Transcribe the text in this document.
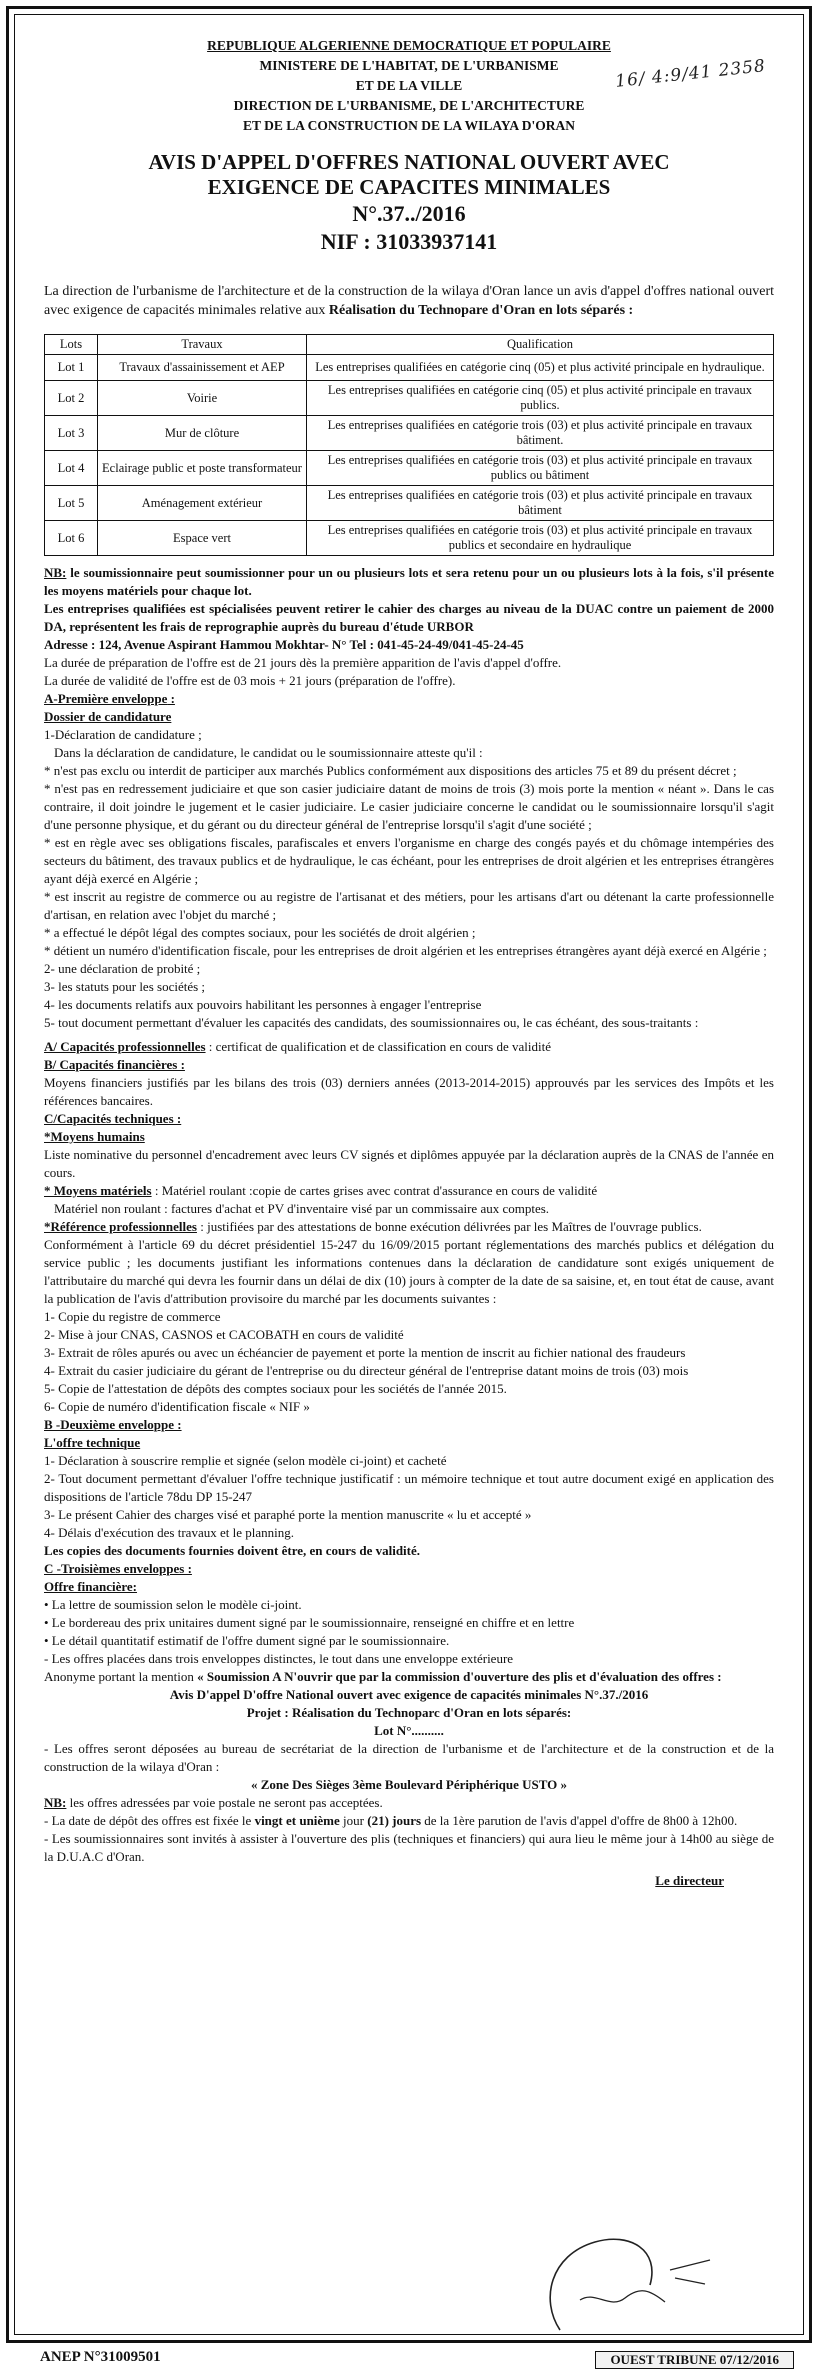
16/ 4:9/41 2358
REPUBLIQUE ALGERIENNE DEMOCRATIQUE ET POPULAIRE
MINISTERE DE L'HABITAT, DE L'URBANISME
ET DE LA VILLE
DIRECTION DE L'URBANISME, DE L'ARCHITECTURE
ET DE LA CONSTRUCTION DE LA WILAYA D'ORAN
AVIS D'APPEL D'OFFRES NATIONAL OUVERT AVEC
EXIGENCE DE CAPACITES MINIMALES
N°.37../2016
NIF : 31033937141

La direction de l'urbanisme de l'architecture et de la construction de la wilaya d'Oran lance un avis d'appel d'offres national ouvert avec exigence de capacités minimales relative aux Réalisation du Technopare d'Oran en lots séparés :

Lots	Travaux	Qualification
Lot 1	Travaux d'assainissement et AEP	Les entreprises qualifiées en catégorie cinq (05) et plus activité principale en hydraulique.
Lot 2	Voirie	Les entreprises qualifiées en catégorie cinq (05) et plus activité principale en travaux publics.
Lot 3	Mur de clôture	Les entreprises qualifiées en catégorie trois (03) et plus activité principale en travaux bâtiment.
Lot 4	Eclairage public et poste transformateur	Les entreprises qualifiées en catégorie trois (03) et plus activité principale en travaux publics ou bâtiment
Lot 5	Aménagement extérieur	Les entreprises qualifiées en catégorie trois (03) et plus activité principale en travaux bâtiment
Lot 6	Espace vert	Les entreprises qualifiées en catégorie trois (03) et plus activité principale en travaux publics et secondaire en hydraulique

NB: le soumissionnaire peut soumissionner pour un ou plusieurs lots et sera retenu pour un ou plusieurs lots à la fois, s'il présente les moyens matériels pour chaque lot.

Les entreprises qualifiées est spécialisées peuvent retirer le cahier des charges au niveau de la DUAC contre un paiement de 2000 DA, représentent les frais de reprographie auprès du bureau d'étude URBOR

Adresse : 124, Avenue Aspirant Hammou Mokhtar- N° Tel : 041-45-24-49/041-45-24-45

La durée de préparation de l'offre est de 21 jours dès la première apparition de l'avis d'appel d'offre.

La durée de validité de l'offre est de 03 mois + 21 jours (préparation de l'offre).

A-Première enveloppe :

Dossier de candidature

1-Déclaration de candidature ;

Dans la déclaration de candidature, le candidat ou le soumissionnaire atteste qu'il :

* n'est pas exclu ou interdit de participer aux marchés Publics conformément aux dispositions des articles 75 et 89 du présent décret ;

* n'est pas en redressement judiciaire et que son casier judiciaire datant de moins de trois (3) mois porte la mention « néant ». Dans le cas contraire, il doit joindre le jugement et le casier judiciaire. Le casier judiciaire concerne le candidat ou le soumissionnaire lorsqu'il s'agit d'une personne physique, et du gérant ou du directeur général de l'entreprise lorsqu'il s'agit d'une société ;

* est en règle avec ses obligations fiscales, parafiscales et envers l'organisme en charge des congés payés et du chômage intempéries des secteurs du bâtiment, des travaux publics et de hydraulique, le cas échéant, pour les entreprises de droit algérien et les entreprises étrangères ayant déjà exercé en Algérie ;

* est inscrit au registre de commerce ou au registre de l'artisanat et des métiers, pour les artisans d'art ou détenant la carte professionnelle d'artisan, en relation avec l'objet du marché ;

* a effectué le dépôt légal des comptes sociaux, pour les sociétés de droit algérien ;

* détient un numéro d'identification fiscale, pour les entreprises de droit algérien et les entreprises étrangères ayant déjà exercé en Algérie ;

2- une déclaration de probité ;

3- les statuts pour les sociétés ;

4- les documents relatifs aux pouvoirs habilitant les personnes à engager l'entreprise

5- tout document permettant d'évaluer les capacités des candidats, des soumissionnaires ou, le cas échéant, des sous-traitants :

A/ Capacités professionnelles : certificat de qualification et de classification en cours de validité

B/ Capacités financières :

Moyens financiers justifiés par les bilans des trois (03) derniers années (2013-2014-2015) approuvés par les services des Impôts et les références bancaires.

C/Capacités techniques :

*Moyens humains

Liste nominative du personnel d'encadrement avec leurs CV signés et diplômes appuyée par la déclaration auprès de la CNAS de l'année en cours.

* Moyens matériels : Matériel roulant :copie de cartes grises avec contrat d'assurance en cours de validité

Matériel non roulant : factures d'achat et PV d'inventaire visé par un commissaire aux comptes.

*Référence professionnelles : justifiées par des attestations de bonne exécution délivrées par les Maîtres de l'ouvrage publics.

Conformément à l'article 69 du décret présidentiel 15-247 du 16/09/2015 portant réglementations des marchés publics et délégation du service public ; les documents justifiant les informations contenues dans la déclaration de candidature sont exigés uniquement de l'attributaire du marché qui devra les fournir dans un délai de dix (10) jours à compter de la date de sa saisine, et, en tout état de cause, avant la publication de l'avis d'attribution provisoire du marché par les documents suivantes :

1- Copie du registre de commerce

2- Mise à jour CNAS, CASNOS et CACOBATH en cours de validité

3- Extrait de rôles apurés ou avec un échéancier de payement et porte la mention de inscrit au fichier national des fraudeurs

4- Extrait du casier judiciaire du gérant de l'entreprise ou du directeur général de l'entreprise datant moins de trois (03) mois

5- Copie de l'attestation de dépôts des comptes sociaux pour les sociétés de l'année 2015.

6- Copie de numéro d'identification fiscale « NIF »

B -Deuxième enveloppe :

L'offre technique

1- Déclaration à souscrire remplie et signée (selon modèle ci-joint) et cacheté

2- Tout document permettant d'évaluer l'offre technique justificatif : un mémoire technique et tout autre document exigé en application des dispositions de l'article 78du DP 15-247

3- Le présent Cahier des charges visé et paraphé porte la mention manuscrite « lu et accepté »

4- Délais d'exécution des travaux et le planning.

Les copies des documents fournies doivent être, en cours de validité.

C -Troisièmes enveloppes :

Offre financière:

• La lettre de soumission selon le modèle ci-joint.

• Le bordereau des prix unitaires dument signé par le soumissionnaire, renseigné en chiffre et en lettre

• Le détail quantitatif estimatif de l'offre dument signé par le soumissionnaire.

- Les offres placées dans trois enveloppes distinctes, le tout dans une enveloppe extérieure

Anonyme portant la mention « Soumission A N'ouvrir que par la commission d'ouverture des plis et d'évaluation des offres :

Avis D'appel D'offre National ouvert avec exigence de capacités minimales N°.37./2016

Projet : Réalisation du Technoparc d'Oran en lots séparés:

Lot N°..........

- Les offres seront déposées au bureau de secrétariat de la direction de l'urbanisme et de l'architecture et de la construction et de la construction de la wilaya d'Oran :

« Zone Des Sièges 3ème Boulevard Périphérique USTO »

NB: les offres adressées par voie postale ne seront pas acceptées.

- La date de dépôt des offres est fixée le vingt et unième jour (21) jours de la 1ère parution de l'avis d'appel d'offre de 8h00 à 12h00.

- Les soumissionnaires sont invités à assister à l'ouverture des plis (techniques et financiers) qui aura lieu le même jour à 14h00 au siège de la D.U.A.C d'Oran.

Le directeur

ANEP N°31009501	OUEST TRIBUNE 07/12/2016
